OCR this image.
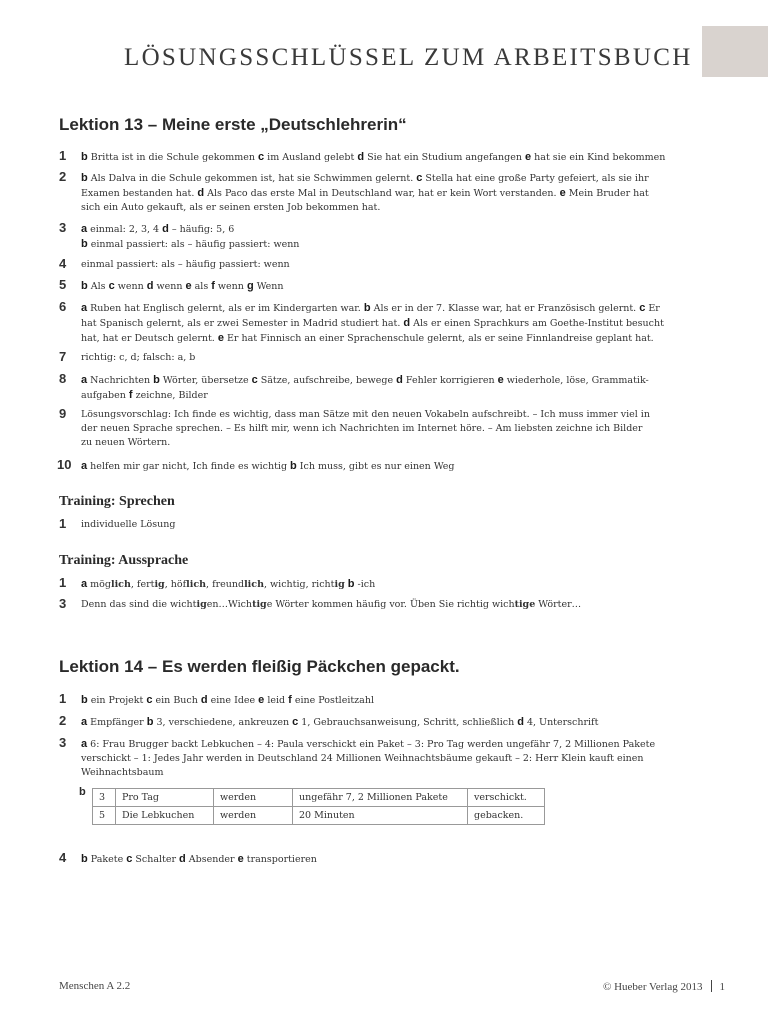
LÖSUNGSSCHLÜSSEL ZUM ARBEITSBUCH
Lektion 13 – Meine erste „Deutschlehrerin“
1	b Britta ist in die Schule gekommen c im Ausland gelebt d Sie hat ein Studium angefangen e hat sie ein Kind bekommen
2	b Als Dalva in die Schule gekommen ist, hat sie Schwimmen gelernt. c Stella hat eine große Party gefeiert, als sie ihr
Examen bestanden hat. d Als Paco das erste Mal in Deutschland war, hat er kein Wort verstanden. e Mein Bruder hat
sich ein Auto gekauft, als er seinen ersten Job bekommen hat.
3	a einmal: 2, 3, 4 d – häufig: 5, 6
b einmal passiert: als – häufig passiert: wenn
4	einmal passiert: als – häufig passiert: wenn
5	b Als c wenn d wenn e als f wenn g Wenn
6	a Ruben hat Englisch gelernt, als er im Kindergarten war. b Als er in der 7. Klasse war, hat er Französisch gelernt. c Er
hat Spanisch gelernt, als er zwei Semester in Madrid studiert hat. d Als er einen Sprachkurs am Goethe-Institut besucht
hat, hat er Deutsch gelernt. e Er hat Finnisch an einer Sprachenschule gelernt, als er seine Finnlandreise geplant hat.
7	richtig: c, d; falsch: a, b
8	a Nachrichten b Wörter, übersetze c Sätze, aufschreibe, bewege d Fehler korrigieren e wiederhole, löse, Grammatik-
aufgaben f zeichne, Bilder
9	Lösungsvorschlag: Ich finde es wichtig, dass man Sätze mit den neuen Vokabeln aufschreibt. – Ich muss immer viel in
der neuen Sprache sprechen. – Es hilft mir, wenn ich Nachrichten im Internet höre. – Am liebsten zeichne ich Bilder
zu neuen Wörtern.
10 a helfen mir gar nicht, Ich finde es wichtig b Ich muss, gibt es nur einen Weg
Training: Sprechen
1	individuelle Lösung
Training: Aussprache
1	a möglich, fertig, höflich, freundlich, wichtig, richtig b -ich
3	Denn das sind die wichtigen…Wichtige Wörter kommen häufig vor. Üben Sie richtig wichtige Wörter…
Lektion 14 – Es werden fleißig Päckchen gepackt.
1	b ein Projekt c ein Buch d eine Idee e leid f eine Postleitzahl
2	a Empfänger b 3, verschiedene, ankreuzen c 1, Gebrauchsanweisung, Schritt, schließlich d 4, Unterschrift
3	a 6: Frau Brugger backt Lebkuchen – 4: Paula verschickt ein Paket – 3: Pro Tag werden ungefähr 7, 2 Millionen Pakete
verschickt – 1: Jedes Jahr werden in Deutschland 24 Millionen Weihnachtsbäume gekauft – 2: Herr Klein kauft einen
Weihnachtsbaum
b 3	Pro Tag	werden	ungefähr 7, 2 Millionen Pakete	verschickt.
5	Die Lebkuchen	werden	20 Minuten	gebacken.
4	b Pakete c Schalter d Absender e transportieren
Menschen A 2.2	© Hueber Verlag 2013 1
